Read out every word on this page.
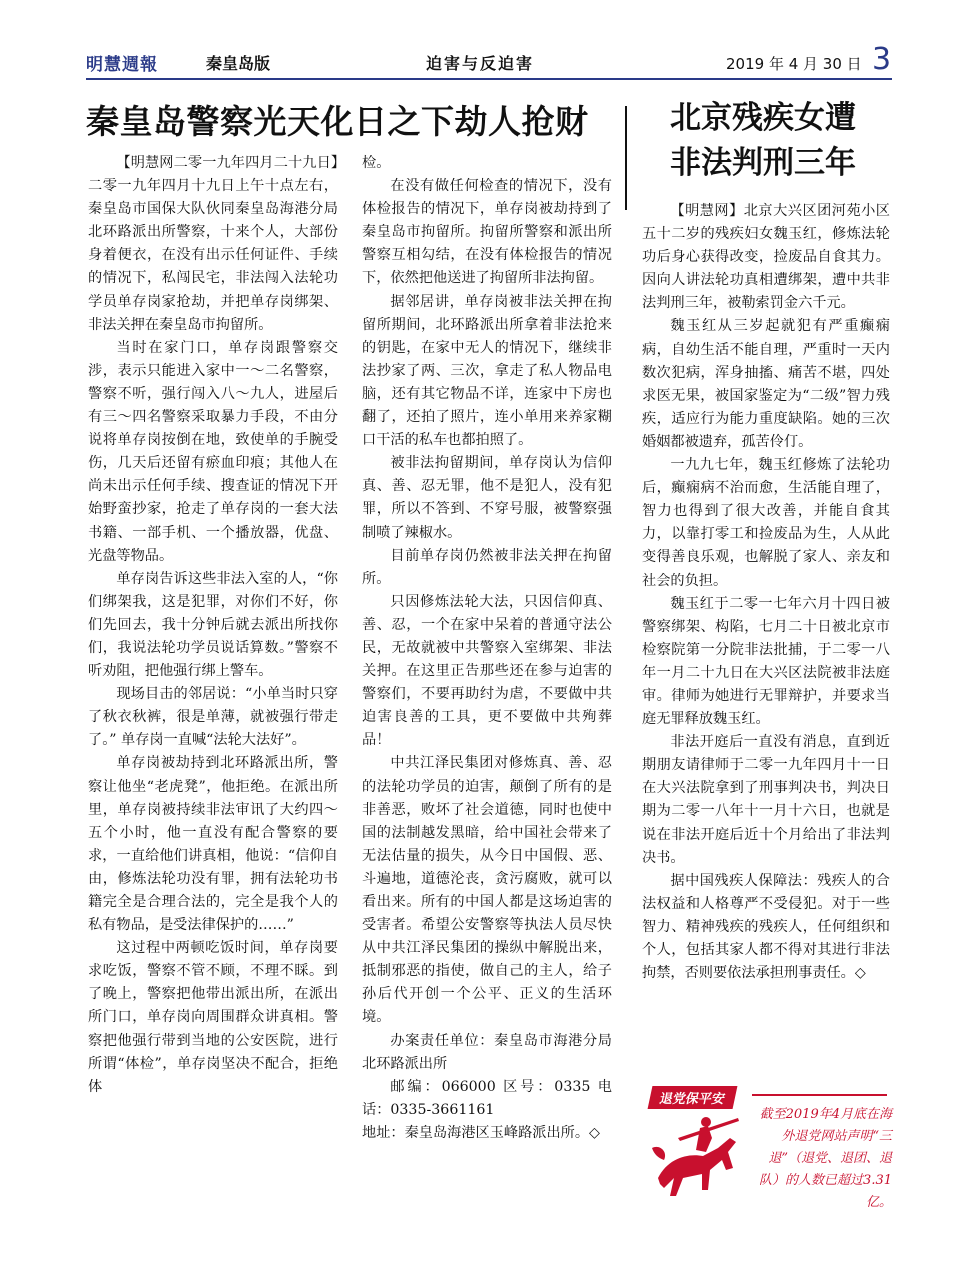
明慧週報	秦皇岛版	迫害与反迫害	2019 年 4 月 30 日 3
秦皇岛警察光天化日之下劫人抢财	北京残疾女遭
非法判刑三年

【明慧网二零一九年四月二十九日】二零一九年四月十九日上午十点左右，秦皇岛市国保大队伙同秦皇岛海港分局北环路派出所警察，十来个人，大部份身着便衣，在没有出示任何证件、手续的情况下，私闯民宅，非法闯入法轮功学员单存岗家抢劫，并把单存岗绑架、非法关押在秦皇岛市拘留所。

当时在家门口，单存岗跟警察交涉，表示只能进入家中一～二名警察，警察不听，强行闯入八～九人，进屋后有三～四名警察采取暴力手段，不由分说将单存岗按倒在地，致使单的手腕受伤，几天后还留有瘀血印痕；其他人在尚未出示任何手续、搜查证的情况下开始野蛮抄家，抢走了单存岗的一套大法书籍、一部手机、一个播放器，优盘、光盘等物品。

单存岗告诉这些非法入室的人，“你们绑架我，这是犯罪，对你们不好，你们先回去，我十分钟后就去派出所找你们，我说法轮功学员说话算数。”警察不听劝阻，把他强行绑上警车。

现场目击的邻居说：“小单当时只穿了秋衣秋裤，很是单薄，就被强行带走了。” 单存岗一直喊“法轮大法好”。

单存岗被劫持到北环路派出所，警察让他坐“老虎凳”，他拒绝。在派出所里，单存岗被持续非法审讯了大约四～五个小时，他一直没有配合警察的要求，一直给他们讲真相，他说：“信仰自由，修炼法轮功没有罪，拥有法轮功书籍完全是合理合法的，完全是我个人的私有物品，是受法律保护的……”

这过程中两顿吃饭时间，单存岗要求吃饭，警察不管不顾，不理不睬。到了晚上，警察把他带出派出所，在派出所门口，单存岗向周围群众讲真相。警察把他强行带到当地的公安医院，进行所谓“体检”，单存岗坚决不配合，拒绝体

检。

在没有做任何检查的情况下，没有体检报告的情况下，单存岗被劫持到了秦皇岛市拘留所。拘留所警察和派出所警察互相勾结，在没有体检报告的情况下，依然把他送进了拘留所非法拘留。

据邻居讲，单存岗被非法关押在拘留所期间，北环路派出所拿着非法抢来的钥匙，在家中无人的情况下，继续非法抄家了两、三次，拿走了私人物品电脑，还有其它物品不详，连家中下房也翻了，还拍了照片，连小单用来养家糊口干活的私车也都拍照了。

被非法拘留期间，单存岗认为信仰真、善、忍无罪，他不是犯人，没有犯罪，所以不答到、不穿号服，被警察强制喷了辣椒水。

目前单存岗仍然被非法关押在拘留所。

只因修炼法轮大法，只因信仰真、善、忍，一个在家中呆着的普通守法公民，无故就被中共警察入室绑架、非法关押。在这里正告那些还在参与迫害的警察们，不要再助纣为虐，不要做中共迫害良善的工具，更不要做中共殉葬品！

中共江泽民集团对修炼真、善、忍的法轮功学员的迫害，颠倒了所有的是非善恶，败坏了社会道德，同时也使中国的法制越发黑暗，给中国社会带来了无法估量的损失，从今日中国假、恶、斗遍地，道德沦丧，贪污腐败，就可以看出来。所有的中国人都是这场迫害的受害者。希望公安警察等执法人员尽快从中共江泽民集团的操纵中解脱出来，抵制邪恶的指使，做自己的主人，给子孙后代开创一个公平、正义的生活环境。

办案责任单位：秦皇岛市海港分局北环路派出所

邮编：066000 区号：0335 电话：0335-3661161

地址：秦皇岛海港区玉峰路派出所。◇

【明慧网】北京大兴区团河苑小区五十二岁的残疾妇女魏玉红，修炼法轮功后身心获得改变，捡废品自食其力。因向人讲法轮功真相遭绑架，遭中共非法判刑三年，被勒索罚金六千元。

魏玉红从三岁起就犯有严重癫痫病，自幼生活不能自理，严重时一天内数次犯病，浑身抽搐、痛苦不堪，四处求医无果，被国家鉴定为“二级”智力残疾，适应行为能力重度缺陷。她的三次婚姻都被遗弃，孤苦伶仃。

一九九七年，魏玉红修炼了法轮功后，癫痫病不治而愈，生活能自理了，智力也得到了很大改善，并能自食其力，以靠打零工和捡废品为生，人从此变得善良乐观，也解脱了家人、亲友和社会的负担。

魏玉红于二零一七年六月十四日被警察绑架、构陷，七月二十日被北京市检察院第一分院非法批捕，于二零一八年一月二十九日在大兴区法院被非法庭审。律师为她进行无罪辩护，并要求当庭无罪释放魏玉红。

非法开庭后一直没有消息，直到近期朋友请律师于二零一九年四月十一日在大兴法院拿到了刑事判决书，判决日期为二零一八年十一月十六日，也就是说在非法开庭后近十个月给出了非法判决书。

据中国残疾人保障法：残疾人的合法权益和人格尊严不受侵犯。对于一些智力、精神残疾的残疾人，任何组织和个人，包括其家人都不得对其进行非法拘禁，否则要依法承担刑事责任。◇

退党保平安
截至2019年4月底在海外退党网站声明“三退”（退党、退团、退队）的人数已超过3.31亿。
